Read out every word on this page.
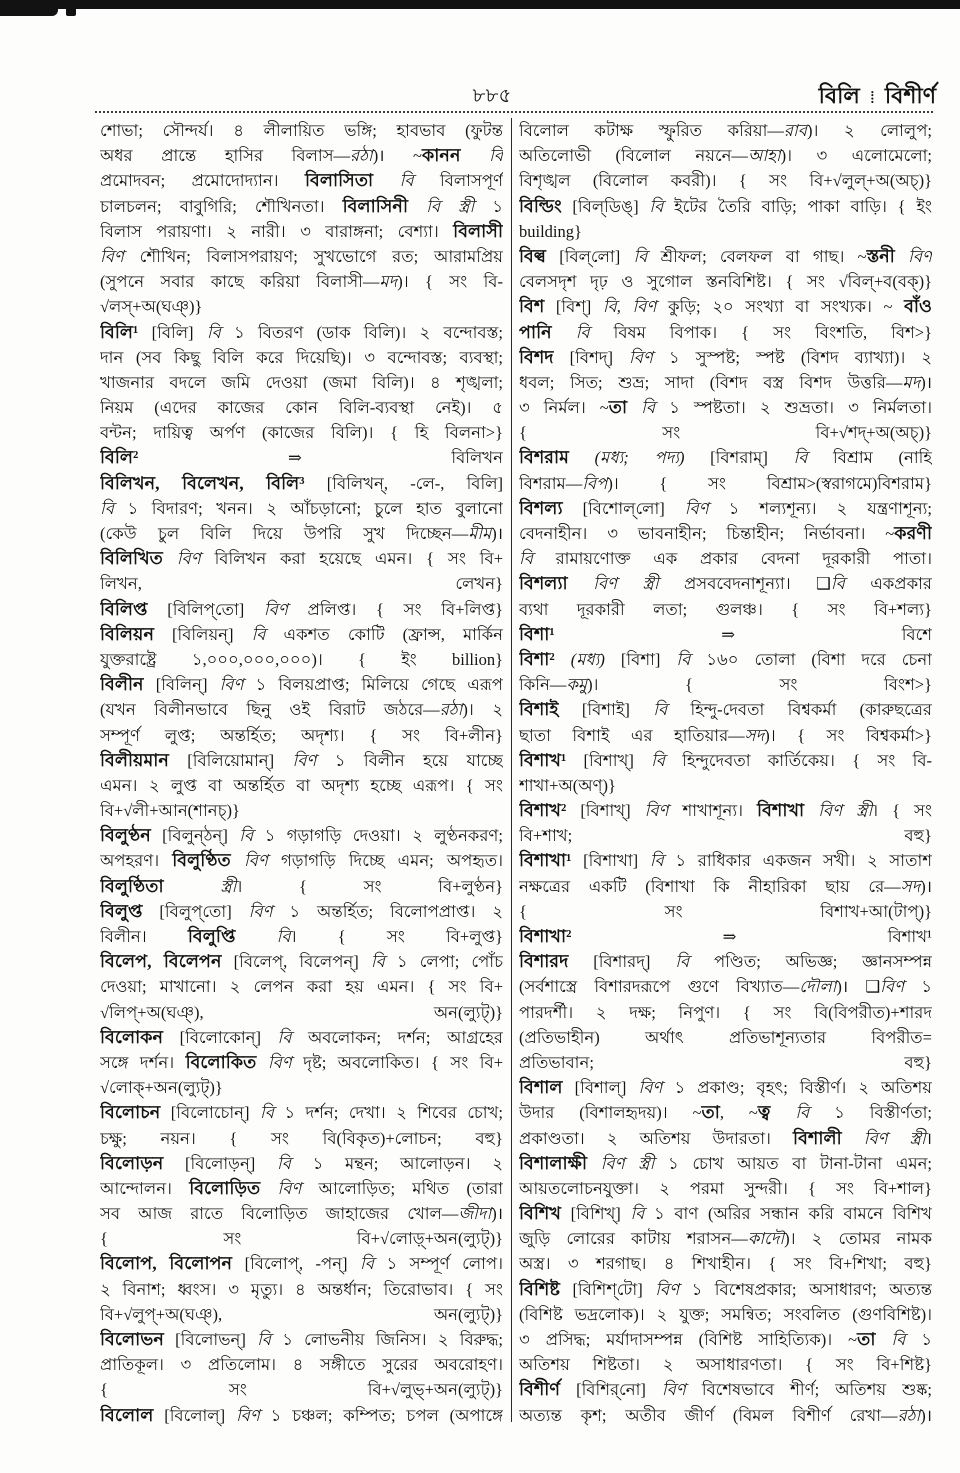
৮৮৫	বিলি ⁞ বিশীর্ণ
শোভা; সৌন্দর্য। ৪ লীলায়িত ভঙ্গি; হাবভাব (ফুটন্ত
অধর প্রান্তে হাসির বিলাস—রঠা)। ~কানন বি
প্রমোদবন; প্রমোদোদ্যান। বিলাসিতা বি বিলাসপূর্ণ
চালচলন; বাবুগিরি; শৌখিনতা। বিলাসিনী বি স্ত্রী ১
বিলাস পরায়ণা। ২ নারী। ৩ বারাঙ্গনা; বেশ্যা। বিলাসী
বিণ শৌখিন; বিলাসপরায়ণ; সুখভোগে রত; আরামপ্রিয়
(সুপনে সবার কাছে করিয়া বিলাসী—মদ)। { সং বি-
√লস্‌+অ(ঘঞ্‌)}
বিলি¹ [বিলি] বি ১ বিতরণ (ডাক বিলি)। ২ বন্দোবস্ত;
দান (সব কিছু বিলি করে দিয়েছি)। ৩ বন্দোবস্ত; ব্যবস্থা;
খাজনার বদলে জমি দেওয়া (জমা বিলি)। ৪ শৃঙ্খলা;
নিয়ম (এদের কাজের কোন বিলি-ব্যবস্থা নেই)। ৫
বন্টন; দায়িত্ব অর্পণ (কাজের বিলি)। { হি বিলনা>}
বিলি² ⇒ বিলিখন
বিলিখন, বিলেখন, বিলি³ [বিলিখন্‌, -লে-, বিলি]
বি ১ বিদারণ; খনন। ২ আঁচড়ানো; চুলে হাত বুলানো
(কেউ চুল বিলি দিয়ে উপরি সুখ দিচ্ছেন—মীম)।
বিলিখিত বিণ বিলিখন করা হয়েছে এমন। { সং বি+
লিখন, লেখন}
বিলিপ্ত [বিলিপ্‌তো] বিণ প্রলিপ্ত। { সং বি+লিপ্ত}
বিলিয়ন [বিলিয়ন্‌] বি একশত কোটি (ফ্রান্স, মার্কিন
যুক্তরাষ্ট্রে ১,০০০,০০০,০০০)। { ইং billion}
বিলীন [বিলিন্‌] বিণ ১ বিলয়প্রাপ্ত; মিলিয়ে গেছে এরূপ
(যখন বিলীনভাবে ছিনু ওই বিরাট জঠরে—রঠা)। ২
সম্পূর্ণ লুপ্ত; অন্তর্হিত; অদৃশ্য। { সং বি+লীন}
বিলীয়মান [বিলিয়োমান্‌] বিণ ১ বিলীন হয়ে যাচ্ছে
এমন। ২ লুপ্ত বা অন্তর্হিত বা অদৃশ্য হচ্ছে এরূপ। { সং
বি+√লী+আন(শানচ্‌)}
বিলুণ্ঠন [বিলুন্‌ঠন্‌] বি ১ গড়াগড়ি দেওয়া। ২ লুণ্ঠনকরণ;
অপহরণ। বিলুণ্ঠিত বিণ গড়াগড়ি দিচ্ছে এমন; অপহৃত।
বিলুণ্ঠিতা	স্ত্রী। { সং বি+লুণ্ঠন}
বিলুপ্ত [বিলুপ্‌তো] বিণ ১ অন্তর্হিত; বিলোপপ্রাপ্ত। ২
বিলীন। বিলুপ্তি বি। { সং বি+লুপ্ত}
বিলেপ, বিলেপন [বিলেপ্‌, বিলেপন্‌] বি ১ লেপা; পোঁচ
দেওয়া; মাখানো। ২ লেপন করা হয় এমন। { সং বি+
√লিপ্‌+অ(ঘঞ্‌), অন(ল্যুট্‌)}
বিলোকন [বিলোকোন্‌] বি অবলোকন; দর্শন; আগ্রহের
সঙ্গে দর্শন। বিলোকিত বিণ দৃষ্ট; অবলোকিত। { সং বি+
√লোক্‌+অন(ল্যুট্‌)}
বিলোচন [বিলোচোন্‌] বি ১ দর্শন; দেখা। ২ শিবের চোখ;
চক্ষু; নয়ন। { সং বি(বিকৃত)+লোচন; বহু}
বিলোড়ন [বিলোড়ন্‌] বি ১ মন্থন; আলোড়ন। ২
আন্দোলন। বিলোড়িত বিণ আলোড়িত; মথিত (তারা
সব আজ রাতে বিলোড়িত জাহাজের খোল—জীদা)।
{ সং বি+√লোড়্‌+অন(ল্যুট্‌)}
বিলোপ, বিলোপন [বিলোপ্‌, -পন্‌] বি ১ সম্পূর্ণ লোপ।
২ বিনাশ; ধ্বংস। ৩ মৃত্যু। ৪ অন্তর্ধান; তিরোভাব। { সং
বি+√লুপ্‌+অ(ঘঞ্‌), অন(ল্যুট্‌)}
বিলোভন [বিলোভন্‌] বি ১ লোভনীয় জিনিস। ২ বিরুদ্ধ;
প্রাতিকূল। ৩ প্রতিলোম। ৪ সঙ্গীতে সুরের অবরোহণ।
{ সং বি+√লুভ্‌+অন(ল্যুট্‌)}
বিলোল [বিলোল্‌] বিণ ১ চঞ্চল; কম্পিত; চপল (অপাঙ্গে
বিলোল কটাক্ষ স্ফুরিত করিয়া—রাব)। ২ লোলুপ;
অতিলোভী (বিলোল নয়নে—আহা)। ৩ এলোমেলো;
বিশৃঙ্খল (বিলোল কবরী)। { সং বি+√লুল্‌+অ(অচ্‌)}
বিল্ডিং [বিল্‌ডিঙ্‌] বি ইটের তৈরি বাড়ি; পাকা বাড়ি। { ইং
building}
বিল্ব [বিল্‌লো] বি শ্রীফল; বেলফল বা গাছ। ~স্তনী বিণ
বেলসদৃশ দৃঢ় ও সুগোল স্তনবিশিষ্ট। { সং √বিল্‌+ব(বক্‌)}
বিশ [বিশ্‌] বি, বিণ কুড়ি; ২০ সংখ্যা বা সংখ্যক। ~ বাঁও
পানি বি বিষম বিপাক। { সং বিংশতি, বিশ>}
বিশদ [বিশদ্‌] বিণ ১ সুস্পষ্ট; স্পষ্ট (বিশদ ব্যাখ্যা)। ২
ধবল; সিত; শুভ্র; সাদা (বিশদ বস্ত্র বিশদ উত্তরি—মদ)।
৩ নির্মল। ~তা বি ১ স্পষ্টতা। ২ শুভ্রতা। ৩ নির্মলতা।
{ সং বি+√শদ্‌+অ(অচ্‌)}
বিশরাম (মধ্য; পদ্য) [বিশরাম্‌] বি বিশ্রাম (নাহি
বিশরাম—বিপ)। { সং বিশ্রাম>(স্বরাগমে)বিশরাম}
বিশল্য [বিশোল্‌লো] বিণ ১ শল্যশূন্য। ২ যন্ত্রণাশূন্য;
বেদনাহীন। ৩ ভাবনাহীন; চিন্তাহীন; নির্ভাবনা। ~করণী
বি রামায়ণোক্ত এক প্রকার বেদনা দূরকারী পাতা।
বিশল্যা বিণ স্ত্রী প্রসববেদনাশূন্যা। ❑বি একপ্রকার
ব্যথা দূরকারী লতা; গুলঞ্চ। { সং বি+শল্য}
বিশা¹ ⇒ বিশে
বিশা² (মধ্য) [বিশা] বি ১৬০ তোলা (বিশা দরে চেনা
কিনি—কমু)। { সং বিংশ>}
বিশাই [বিশাই] বি হিন্দু-দেবতা বিশ্বকর্মা (কারুছত্রের
ছাতা বিশাই এর হাতিয়ার—সদ)। { সং বিশ্বকর্মা>}
বিশাখ¹ [বিশাখ্‌] বি হিন্দুদেবতা কার্তিকেয়। { সং বি-
শাখা+অ(অণ্‌)}
বিশাখ² [বিশাখ্‌] বিণ শাখাশূন্য। বিশাখা বিণ স্ত্রী। { সং
বি+শাখ; বহু}
বিশাখা¹ [বিশাখা] বি ১ রাধিকার একজন সখী। ২ সাতাশ
নক্ষত্রের একটি (বিশাখা কি নীহারিকা ছায় রে—সদ)।
{ সং বিশাখ+আ(টাপ্‌)}
বিশাখা² ⇒ বিশাখ¹
বিশারদ [বিশারদ্‌] বি পণ্ডিত; অভিজ্ঞ; জ্ঞানসম্পন্ন
(সর্বশাস্ত্রে বিশারদরূপে গুণে বিখ্যাত—দৌলা)। ❑বিণ ১
পারদর্শী। ২ দক্ষ; নিপুণ। { সং বি(বিপরীত)+শারদ
(প্রতিভাহীন) অর্থাৎ প্রতিভাশূন্যতার বিপরীত=
প্রতিভাবান; বহু}
বিশাল [বিশাল্‌] বিণ ১ প্রকাণ্ড; বৃহৎ; বিস্তীর্ণ। ২ অতিশয়
উদার (বিশালহৃদয়)। ~তা, ~ত্ব বি ১ বিস্তীর্ণতা;
প্রকাণ্ডতা। ২ অতিশয় উদারতা। বিশালী বিণ স্ত্রী।
বিশালাক্ষী বিণ স্ত্রী ১ চোখ আয়ত বা টানা-টানা এমন;
আয়তলোচনযুক্তা। ২ পরমা সুন্দরী। { সং বি+শাল}
বিশিখ [বিশিখ্‌] বি ১ বাণ (অরির সন্ধান করি বামনে বিশিখ
জুড়ি লোরের কাটায় শরাসন—কাদৌ)। ২ তোমর নামক
অস্ত্র। ৩ শরগাছ। ৪ শিখাহীন। { সং বি+শিখা; বহু}
বিশিষ্ট [বিশিশ্‌টো] বিণ ১ বিশেষপ্রকার; অসাধারণ; অত্যন্ত
(বিশিষ্ট ভদ্রলোক)। ২ যুক্ত; সমন্বিত; সংবলিত (গুণবিশিষ্ট)।
৩ প্রসিদ্ধ; মর্যাদাসম্পন্ন (বিশিষ্ট সাহিত্যিক)। ~তা বি ১
অতিশয় শিষ্টতা। ২ অসাধারণতা। { সং বি+শিষ্ট}
বিশীর্ণ [বিশির্‌নো] বিণ বিশেষভাবে শীর্ণ; অতিশয় শুষ্ক;
অত্যন্ত কৃশ; অতীব জীর্ণ (বিমল বিশীর্ণ রেখা—রঠা)।
